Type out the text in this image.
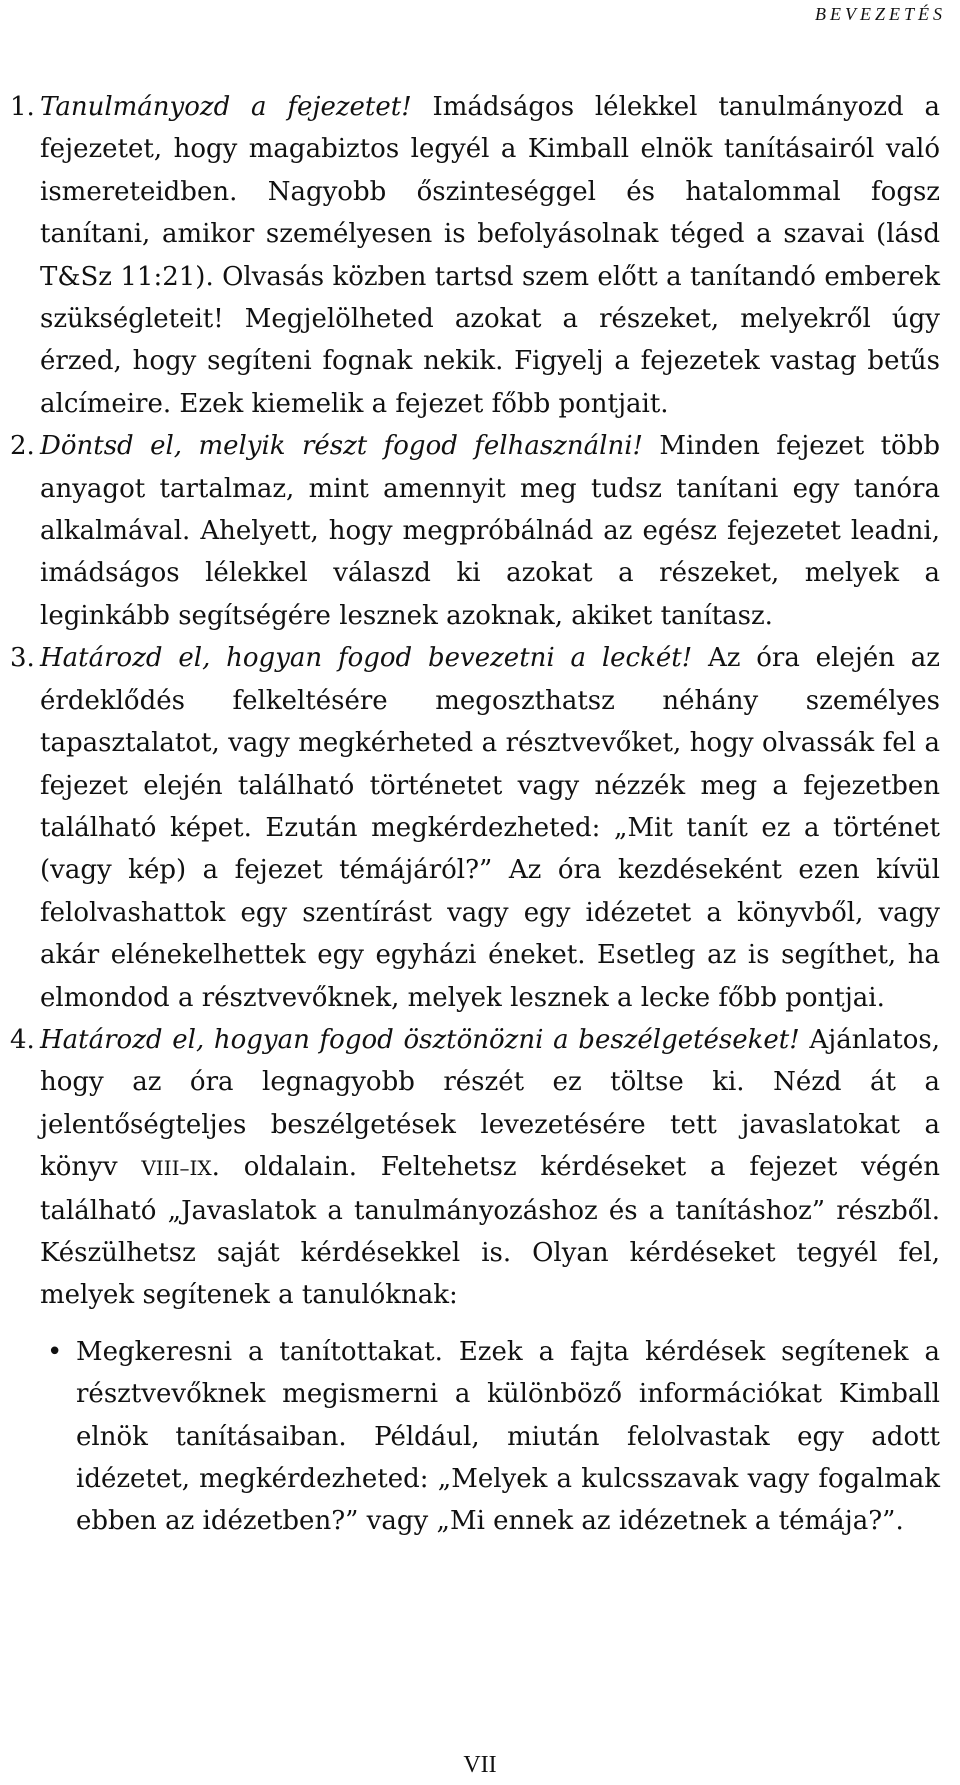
BEVEZETÉS

1. Tanulmányozd a fejezetet! Imádságos lélekkel tanulmányozd a fejezetet, hogy magabiztos legyél a Kimball elnök tanításairól való ismereteidben. Nagyobb őszinteséggel és hatalommal fogsz tanítani, amikor személyesen is befolyásolnak téged a szavai (lásd T&Sz 11:21). Olvasás közben tartsd szem előtt a tanítandó emberek szükségleteit! Megjelölheted azokat a részeket, melyekről úgy érzed, hogy segíteni fognak nekik. Figyelj a fejezetek vastag betűs alcímeire. Ezek kiemelik a fejezet főbb pontjait.

2. Döntsd el, melyik részt fogod felhasználni! Minden fejezet több anyagot tartalmaz, mint amennyit meg tudsz tanítani egy tanóra alkalmával. Ahelyett, hogy megpróbálnád az egész fejezetet leadni, imádságos lélekkel válaszd ki azokat a részeket, melyek a leginkább segítségére lesznek azoknak, akiket tanítasz.

3. Határozd el, hogyan fogod bevezetni a leckét! Az óra elején az érdeklődés felkeltésére megoszthatsz néhány személyes tapasztalatot, vagy megkérheted a résztvevőket, hogy olvassák fel a fejezet elején található történetet vagy nézzék meg a fejezetben található képet. Ezután megkérdezheted: „Mit tanít ez a történet (vagy kép) a fejezet témájáról?” Az óra kezdéseként ezen kívül felolvashattok egy szentírást vagy egy idézetet a könyvből, vagy akár elénekelhettek egy egyházi éneket. Esetleg az is segíthet, ha elmondod a résztvevőknek, melyek lesznek a lecke főbb pontjai.

4. Határozd el, hogyan fogod ösztönözni a beszélgetéseket! Ajánlatos, hogy az óra legnagyobb részét ez töltse ki. Nézd át a jelentőségteljes beszélgetések levezetésére tett javaslatokat a könyv VIII–IX. oldalain. Feltehetsz kérdéseket a fejezet végén található „Javaslatok a tanulmányozáshoz és a tanításhoz” részből. Készülhetsz saját kérdésekkel is. Olyan kérdéseket tegyél fel, melyek segítenek a tanulóknak:

• Megkeresni a tanítottakat. Ezek a fajta kérdések segítenek a résztvevőknek megismerni a különböző információkat Kimball elnök tanításaiban. Például, miután felolvastak egy adott idézetet, megkérdezheted: „Melyek a kulcsszavak vagy fogalmak ebben az idézetben?” vagy „Mi ennek az idézetnek a témája?”.
VII
